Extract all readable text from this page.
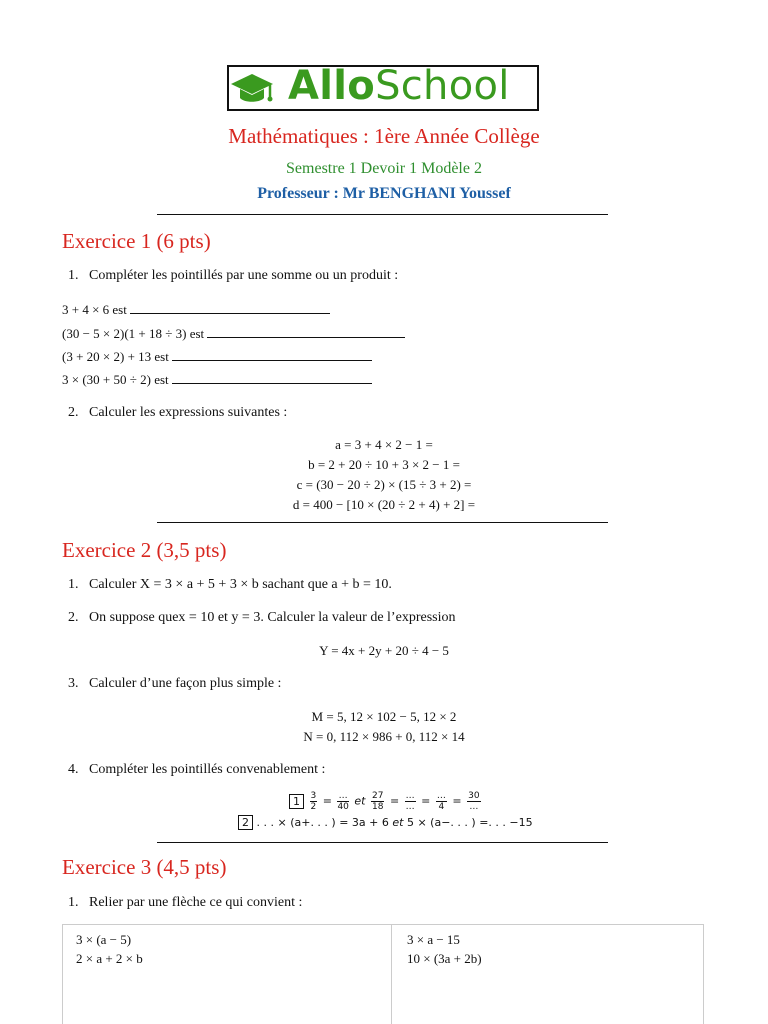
AlloSchool
Mathématiques : 1ère Année Collège
Semestre 1 Devoir 1 Modèle 2
Professeur : Mr BENGHANI Youssef
Exercice 1 (6 pts)
1. Compléter les pointillés par une somme ou un produit :
3 + 4 × 6 est
(30 − 5 × 2)(1 + 18 ÷ 3) est
(3 + 20 × 2) + 13 est
3 × (30 + 50 ÷ 2) est
2. Calculer les expressions suivantes :
a = 3 + 4 × 2 − 1 =
b = 2 + 20 ÷ 10 + 3 × 2 − 1 =
c = (30 − 20 ÷ 2) × (15 ÷ 3 + 2) =
d = 400 − [10 × (20 ÷ 2 + 4) + 2] =
Exercice 2 (3,5 pts)
1. Calculer X = 3 × a + 5 + 3 × b sachant que a + b = 10.
2. On suppose quex = 10 et y = 3. Calculer la valeur de l’expression
Y = 4x + 2y + 20 ÷ 4 − 5
3. Calculer d’une façon plus simple :
M = 5, 12 × 102 − 5, 12 × 2
N = 0, 112 × 986 + 0, 112 × 14
4. Compléter les pointillés convenablement :
$1 \frac{3}{2} = \frac{\dots}{40}$ et $\frac{27}{18} = \frac{\dots}{\dots} = \frac{\dots}{4} = \frac{30}{\dots}$
2 . . . × (a+. . . ) = 3a + 6 et 5 × (a−. . . ) =. . . −15
Exercice 3 (4,5 pts)
1. Relier par une flèche ce qui convient :
3 × (a − 5)
2 × a + 2 × b
3 × a − 15
10 × (3a + 2b)
